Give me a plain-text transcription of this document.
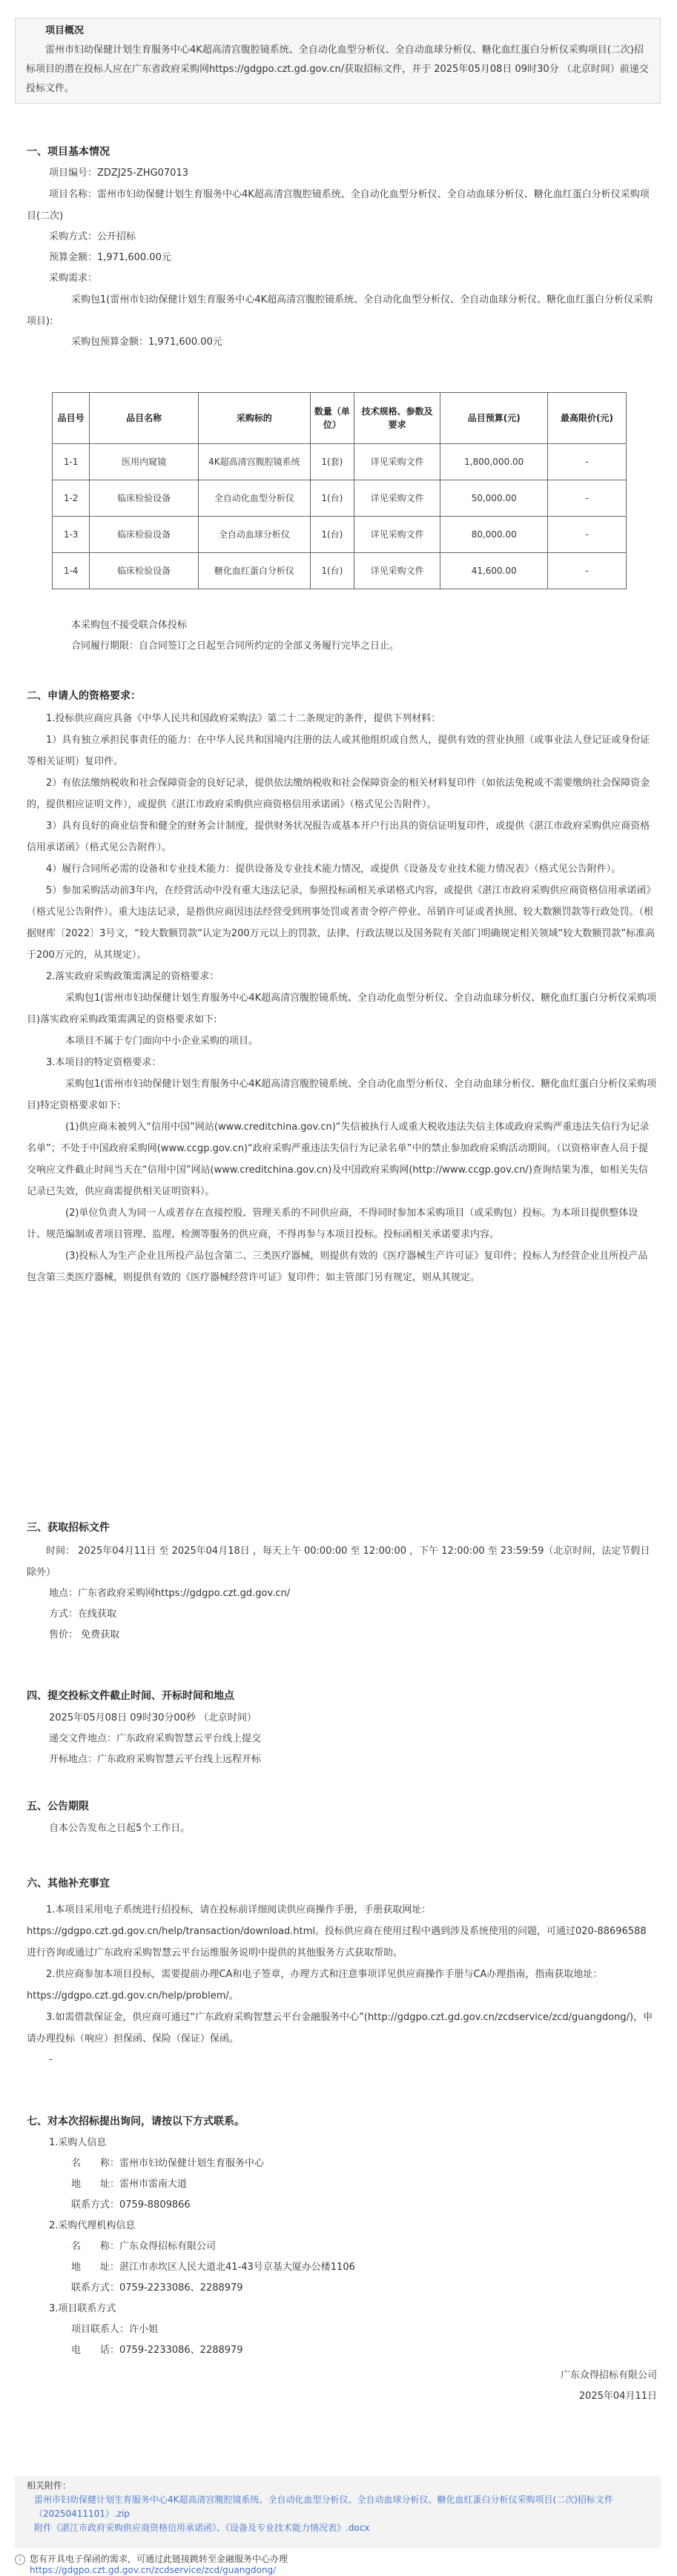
项目概况

雷州市妇幼保健计划生育服务中心4K超高清宫腹腔镜系统、全自动化血型分析仪、全自动血球分析仪、糖化血红蛋白分析仪采购项目(二次)招标项目的潜在投标人应在广东省政府采购网https://gdgpo.czt.gd.gov.cn/获取招标文件，并于 2025年05月08日 09时30分 （北京时间）前递交投标文件。

一、项目基本情况

项目编号：ZDZJ25-ZHG07013

项目名称：雷州市妇幼保健计划生育服务中心4K超高清宫腹腔镜系统、全自动化血型分析仪、全自动血球分析仪、糖化血红蛋白分析仪采购项目(二次)

采购方式：公开招标

预算金额：1,971,600.00元

采购需求：

采购包1(雷州市妇幼保健计划生育服务中心4K超高清宫腹腔镜系统、全自动化血型分析仪、全自动血球分析仪、糖化血红蛋白分析仪采购项目):

采购包预算金额：1,971,600.00元

品目号	品目名称	采购标的	数量（单位）	技术规格、参数及要求	品目预算(元)	最高限价(元)
1-1	医用内窥镜	4K超高清宫腹腔镜系统	1(套)	详见采购文件	1,800,000.00	-
1-2	临床检验设备	全自动化血型分析仪	1(台)	详见采购文件	50,000.00	-
1-3	临床检验设备	全自动血球分析仪	1(台)	详见采购文件	80,000.00	-
1-4	临床检验设备	糖化血红蛋白分析仪	1(台)	详见采购文件	41,600.00	-

本采购包不接受联合体投标

合同履行期限：自合同签订之日起至合同所约定的全部义务履行完毕之日止。

二、申请人的资格要求：

1.投标供应商应具备《中华人民共和国政府采购法》第二十二条规定的条件，提供下列材料：

1）具有独立承担民事责任的能力：在中华人民共和国境内注册的法人或其他组织或自然人，提供有效的营业执照（或事业法人登记证或身份证等相关证明）复印件。

2）有依法缴纳税收和社会保障资金的良好记录，提供依法缴纳税收和社会保障资金的相关材料复印件（如依法免税或不需要缴纳社会保障资金的，提供相应证明文件），或提供《湛江市政府采购供应商资格信用承诺函》（格式见公告附件）。

3）具有良好的商业信誉和健全的财务会计制度，提供财务状况报告或基本开户行出具的资信证明复印件，或提供《湛江市政府采购供应商资格信用承诺函》（格式见公告附件）。

4）履行合同所必需的设备和专业技术能力：提供设备及专业技术能力情况，或提供《设备及专业技术能力情况表》（格式见公告附件）。

5）参加采购活动前3年内，在经营活动中没有重大违法记录，参照投标函相关承诺格式内容，或提供《湛江市政府采购供应商资格信用承诺函》（格式见公告附件）。重大违法记录，是指供应商因违法经营受到刑事处罚或者责令停产停业、吊销许可证或者执照、较大数额罚款等行政处罚。（根据财库〔2022〕3号文，“较大数额罚款”认定为200万元以上的罚款，法律、行政法规以及国务院有关部门明确规定相关领域“较大数额罚款”标准高于200万元的，从其规定）。

2.落实政府采购政策需满足的资格要求：

采购包1(雷州市妇幼保健计划生育服务中心4K超高清宫腹腔镜系统、全自动化血型分析仪、全自动血球分析仪、糖化血红蛋白分析仪采购项目)落实政府采购政策需满足的资格要求如下:

本项目不属于专门面向中小企业采购的项目。

3.本项目的特定资格要求：

采购包1(雷州市妇幼保健计划生育服务中心4K超高清宫腹腔镜系统、全自动化血型分析仪、全自动血球分析仪、糖化血红蛋白分析仪采购项目)特定资格要求如下:

(1)供应商未被列入“信用中国”网站(www.creditchina.gov.cn)“失信被执行人或重大税收违法失信主体或政府采购严重违法失信行为记录名单”；不处于中国政府采购网(www.ccgp.gov.cn)“政府采购严重违法失信行为记录名单”中的禁止参加政府采购活动期间。（以资格审查人员于提交响应文件截止时间当天在“信用中国”网站(www.creditchina.gov.cn)及中国政府采购网(http://www.ccgp.gov.cn/)查询结果为准，如相关失信记录已失效，供应商需提供相关证明资料）。

(2)单位负责人为同一人或者存在直接控股、管理关系的不同供应商，不得同时参加本采购项目（或采购包）投标。为本项目提供整体设计、规范编制或者项目管理、监理、检测等服务的供应商，不得再参与本项目投标。投标函相关承诺要求内容。

(3)投标人为生产企业且所投产品包含第二、三类医疗器械，则提供有效的《医疗器械生产许可证》复印件；投标人为经营企业且所投产品包含第三类医疗器械，则提供有效的《医疗器械经营许可证》复印件；如主管部门另有规定，则从其规定。

三、获取招标文件

时间： 2025年04月11日 至 2025年04月18日 ，每天上午 00:00:00 至 12:00:00 ，下午 12:00:00 至 23:59:59（北京时间，法定节假日除外）

地点：广东省政府采购网https://gdgpo.czt.gd.gov.cn/

方式：在线获取

售价： 免费获取

四、提交投标文件截止时间、开标时间和地点

2025年05月08日 09时30分00秒 （北京时间）

递交文件地点：广东政府采购智慧云平台线上提交

开标地点：广东政府采购智慧云平台线上远程开标

五、公告期限

自本公告发布之日起5个工作日。

六、其他补充事宜

1.本项目采用电子系统进行招投标，请在投标前详细阅读供应商操作手册，手册获取网址：https://gdgpo.czt.gd.gov.cn/help/transaction/download.html。投标供应商在使用过程中遇到涉及系统使用的问题，可通过020-88696588 进行咨询或通过广东政府采购智慧云平台运维服务说明中提供的其他服务方式获取帮助。

2.供应商参加本项目投标，需要提前办理CA和电子签章，办理方式和注意事项详见供应商操作手册与CA办理指南，指南获取地址：https://gdgpo.czt.gd.gov.cn/help/problem/。

3.如需借款保证金，供应商可通过“广东政府采购智慧云平台金融服务中心”(http://gdgpo.czt.gd.gov.cn/zcdservice/zcd/guangdong/)，申请办理投标（响应）担保函、保险（保证）保函。

-

七、对本次招标提出询问，请按以下方式联系。

1.采购人信息

名　　称：雷州市妇幼保健计划生育服务中心

地　　址：雷州市雷南大道

联系方式：0759-8809866

2.采购代理机构信息

名　　称：广东众得招标有限公司

地　　址：湛江市赤坎区人民大道北41-43号京基大厦办公楼1106

联系方式：0759-2233086、2288979

3.项目联系方式

项目联系人：许小姐

电　　话：0759-2233086、2288979

广东众得招标有限公司

2025年04月11日

相关附件：

雷州市妇幼保健计划生育服务中心4K超高清宫腹腔镜系统、全自动化血型分析仪、全自动血球分析仪、糖化血红蛋白分析仪采购项目(二次)招标文件（20250411101）.zip
附件《湛江市政府采购供应商资格信用承诺函》、《设备及专业技术能力情况表》.docx
i 您有开具电子保函的需求，可通过此链接跳转至金融服务中心办理
https://gdgpo.czt.gd.gov.cn/zcdservice/zcd/guangdong/
